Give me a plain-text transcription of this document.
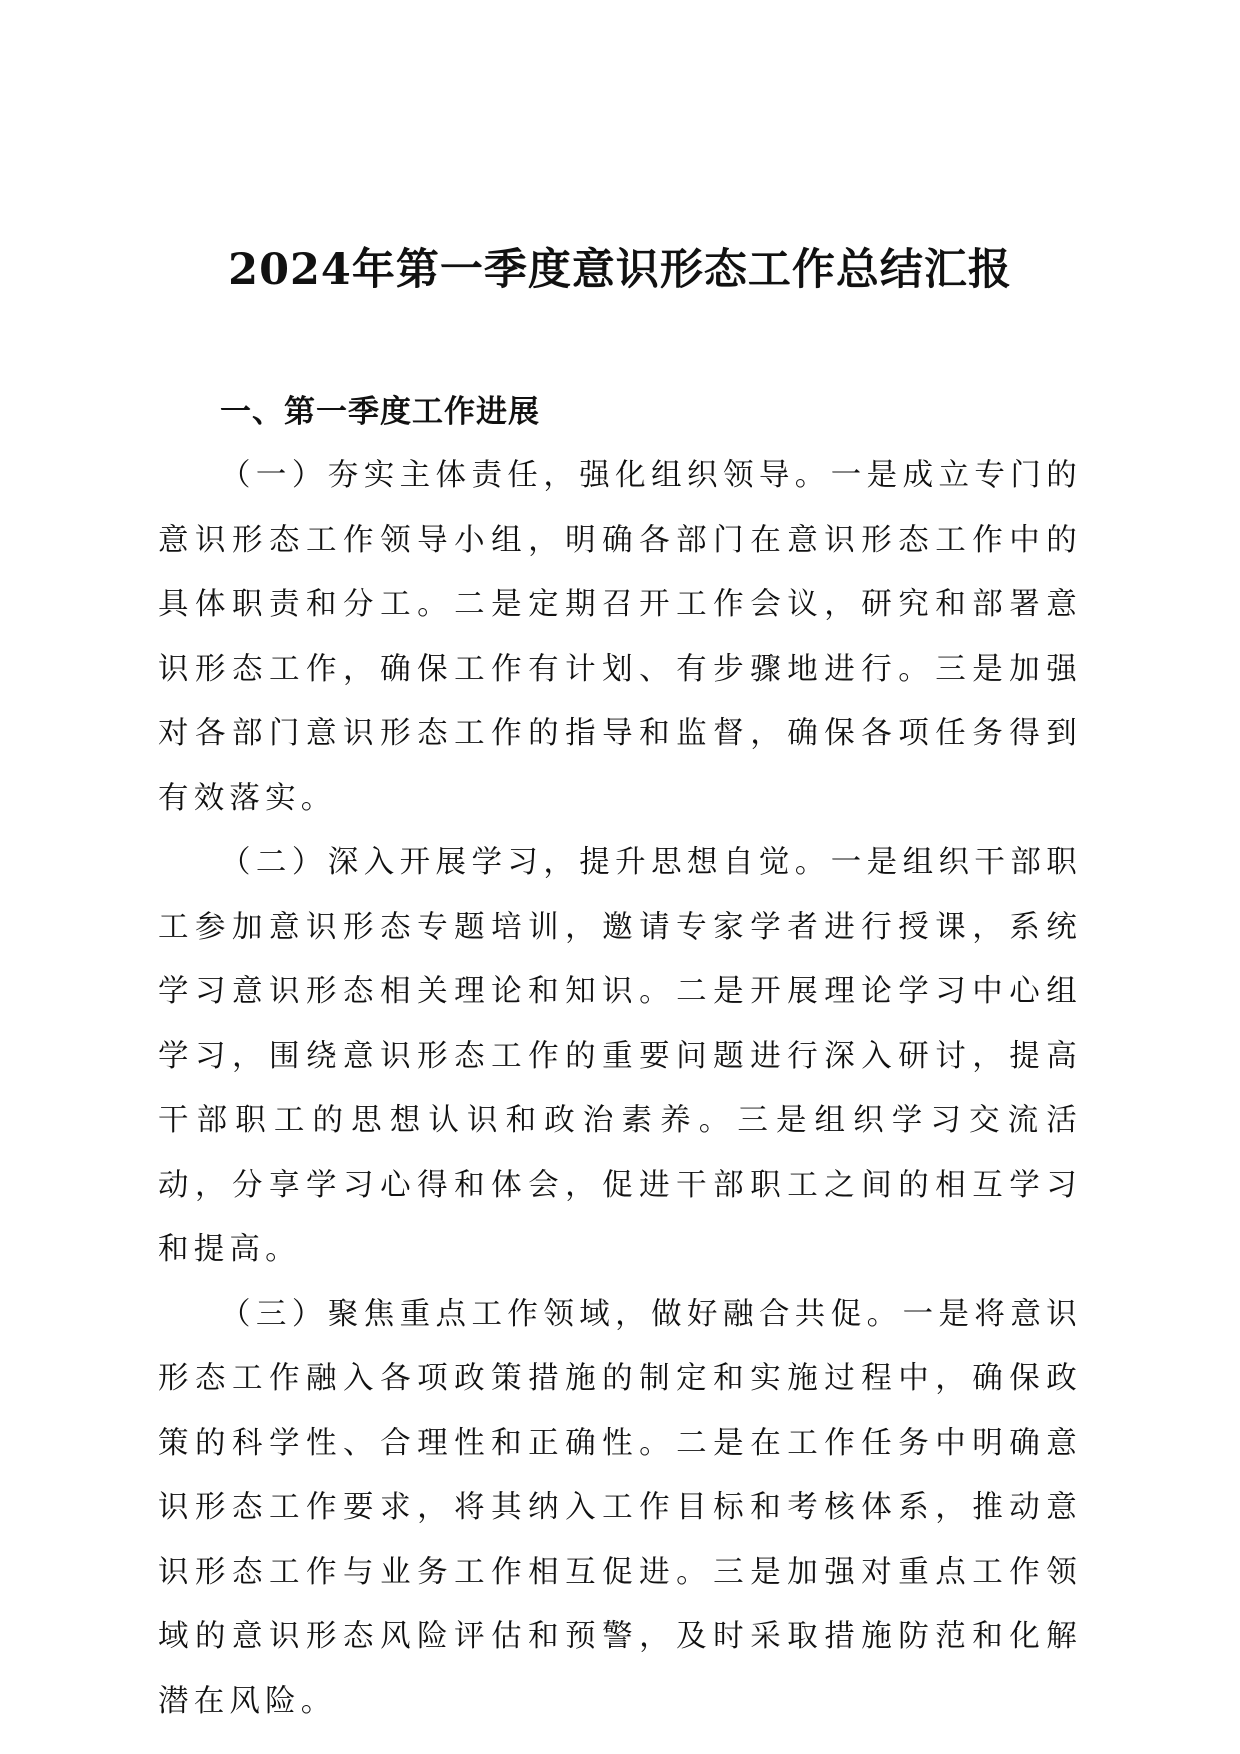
2024年第一季度意识形态工作总结汇报
一、第一季度工作进展

（一）夯实主体责任，强化组织领导。一是成立专门的意识形态工作领导小组，明确各部门在意识形态工作中的具体职责和分工。二是定期召开工作会议，研究和部署意识形态工作，确保工作有计划、有步骤地进行。三是加强对各部门意识形态工作的指导和监督，确保各项任务得到有效落实。

（二）深入开展学习，提升思想自觉。一是组织干部职工参加意识形态专题培训，邀请专家学者进行授课，系统学习意识形态相关理论和知识。二是开展理论学习中心组学习，围绕意识形态工作的重要问题进行深入研讨，提高干部职工的思想认识和政治素养。三是组织学习交流活动，分享学习心得和体会，促进干部职工之间的相互学习和提高。

（三）聚焦重点工作领域，做好融合共促。一是将意识形态工作融入各项政策措施的制定和实施过程中，确保政策的科学性、合理性和正确性。二是在工作任务中明确意识形态工作要求，将其纳入工作目标和考核体系，推动意识形态工作与业务工作相互促进。三是加强对重点工作领域的意识形态风险评估和预警，及时采取措施防范和化解潜在风险。
